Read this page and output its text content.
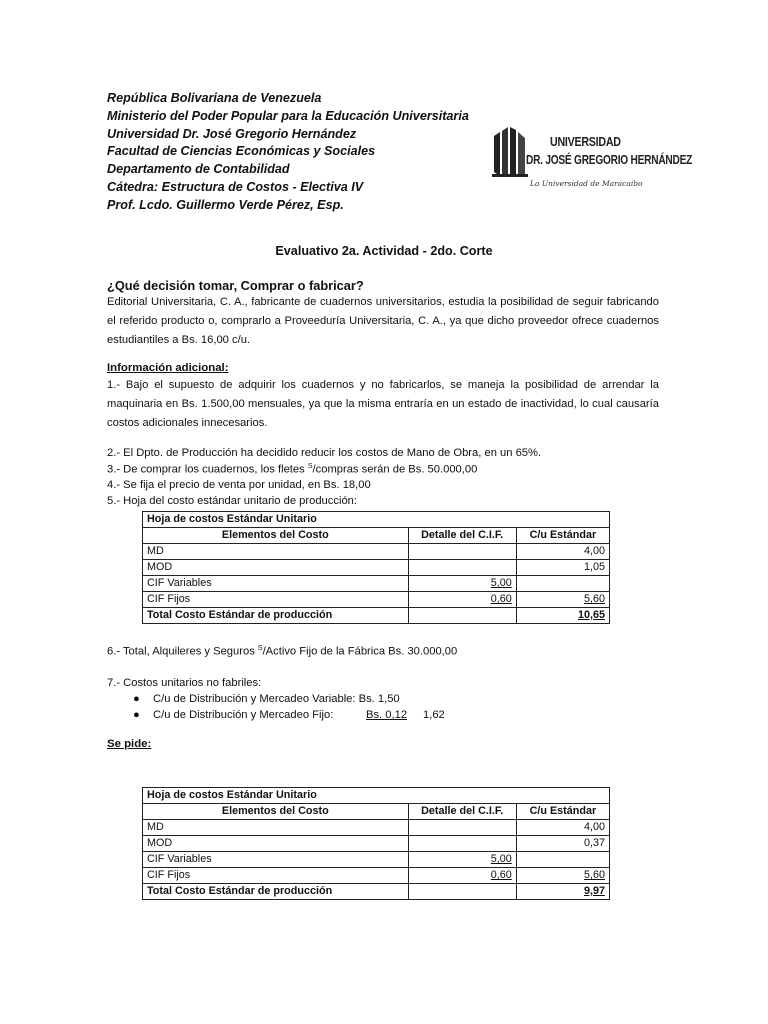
República Bolivariana de Venezuela
Ministerio del Poder Popular para la Educación Universitaria
Universidad Dr. José Gregorio Hernández
Facultad de Ciencias Económicas y Sociales
Departamento de Contabilidad
Cátedra: Estructura de Costos - Electiva IV
Prof. Lcdo. Guillermo Verde Pérez, Esp.
UNIVERSIDAD
DR. JOSÉ GREGORIO HERNÁNDEZ
La Universidad de Maracaibo
Evaluativo 2a. Actividad - 2do. Corte
¿Qué decisión tomar, Comprar o fabricar?
Editorial Universitaria, C. A., fabricante de cuadernos universitarios, estudia la posibilidad de seguir fabricando el referido producto o, comprarlo a Proveeduría Universitaria, C. A., ya que dicho proveedor ofrece cuadernos estudiantiles a Bs. 16,00 c/u.
Información adicional:
1.- Bajo el supuesto de adquirir los cuadernos y no fabricarlos, se maneja la posibilidad de arrendar la maquinaria en Bs. 1.500,00 mensuales, ya que la misma entraría en un estado de inactividad, lo cual causaría costos adicionales innecesarios.
2.- El Dpto. de Producción ha decidido reducir los costos de Mano de Obra, en un 65%.
3.- De comprar los cuadernos, los fletes $^S$/compras serán de Bs. 50.000,00
4.- Se fija el precio de venta por unidad, en Bs. 18,00
5.- Hoja del costo estándar unitario de producción:
Hoja de costos Estándar Unitario		
Elementos del Costo	Detalle del C.I.F.	C/u Estándar
MD		4,00
MOD		1,05
CIF Variables	5,00	
CIF Fijos	0,60	5,60
Total Costo Estándar de producción		10,65
6.- Total, Alquileres y Seguros $^S$/Activo Fijo de la Fábrica Bs. 30.000,00
7.- Costos unitarios no fabriles:
● C/u de Distribución y Mercadeo Variable: Bs. 1,50
● C/u de Distribución y Mercadeo Fijo:	Bs. 0,12 1,62
Se pide:
Hoja de costos Estándar Unitario		
Elementos del Costo	Detalle del C.I.F.	C/u Estándar
MD		4,00
MOD		0,37
CIF Variables	5,00	
CIF Fijos	0,60	5,60
Total Costo Estándar de producción		9,97
